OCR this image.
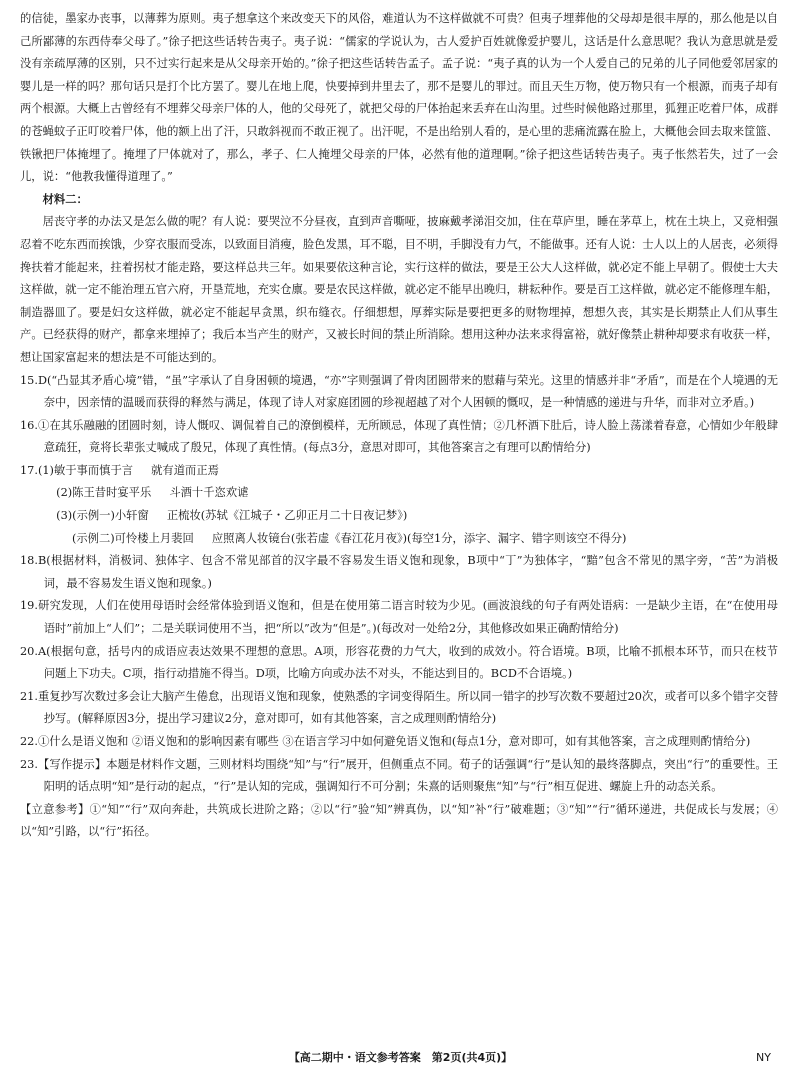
的信徒，墨家办丧事，以薄葬为原则。夷子想拿这个来改变天下的风俗，难道认为不这样做就不可贵？但夷子埋葬他的父母却是很丰厚的，那么他是以自己所鄙薄的东西侍奉父母了。”徐子把这些话转告夷子。夷子说：“儒家的学说认为，古人爱护百姓就像爱护婴儿，这话是什么意思呢？我认为意思就是爱没有亲疏厚薄的区别，只不过实行起来是从父母亲开始的。”徐子把这些话转告孟子。孟子说：“夷子真的认为一个人爱自己的兄弟的儿子同他爱邻居家的婴儿是一样的吗？那句话只是打个比方罢了。婴儿在地上爬，快要掉到井里去了，那不是婴儿的罪过。而且天生万物，使万物只有一个根源，而夷子却有两个根源。大概上古曾经有不埋葬父母亲尸体的人，他的父母死了，就把父母的尸体抬起来丢弃在山沟里。过些时候他路过那里，狐狸正吃着尸体，成群的苍蝇蚊子正叮咬着尸体，他的额上出了汗，只敢斜视而不敢正视了。出汗呢，不是出给别人看的，是心里的悲痛流露在脸上，大概他会回去取来筐篮、铁锹把尸体掩埋了。掩埋了尸体就对了，那么，孝子、仁人掩埋父母亲的尸体，必然有他的道理啊。”徐子把这些话转告夷子。夷子怅然若失，过了一会儿，说：“他教我懂得道理了。”

材料二：

居丧守孝的办法又是怎么做的呢？有人说：要哭泣不分昼夜，直到声音嘶哑，披麻戴孝涕泪交加，住在草庐里，睡在茅草上，枕在土块上，又竞相强忍着不吃东西而挨饿，少穿衣服而受冻，以致面目消瘦，脸色发黑，耳不聪，目不明，手脚没有力气，不能做事。还有人说：士人以上的人居丧，必须得搀扶着才能起来，拄着拐杖才能走路，要这样总共三年。如果要依这种言论，实行这样的做法，要是王公大人这样做，就必定不能上早朝了。假使士大夫这样做，就一定不能治理五官六府，开垦荒地，充实仓廪。要是农民这样做，就必定不能早出晚归，耕耘种作。要是百工这样做，就必定不能修理车船，制造器皿了。要是妇女这样做，就必定不能起早贪黑，织布缝衣。仔细想想，厚葬实际是要把更多的财物埋掉，想想久丧，其实是长期禁止人们从事生产。已经获得的财产，都拿来埋掉了；我后本当产生的财产，又被长时间的禁止所消除。想用这种办法来求得富裕，就好像禁止耕种却要求有收获一样，想让国家富起来的想法是不可能达到的。

15.D(“凸显其矛盾心境”错，“虽”字承认了自身困顿的境遇，“亦”字则强调了骨肉团圆带来的慰藉与荣光。这里的情感并非“矛盾”，而是在个人境遇的无奈中，因亲情的温暖而获得的释然与满足，体现了诗人对家庭团圆的珍视超越了对个人困顿的慨叹，是一种情感的递进与升华，而非对立矛盾。)

16.①在其乐融融的团圆时刻，诗人慨叹、调侃着自己的潦倒模样，无所顾忌，体现了真性情；②几杯酒下肚后，诗人脸上荡漾着春意，心情如少年般肆意疏狂，竟将长辈张丈喊成了殷兄，体现了真性情。(每点3分，意思对即可，其他答案言之有理可以酌情给分)

17.(1)敏于事而慎于言 就有道而正焉

(2)陈王昔时宴平乐 斗酒十千恣欢谑

(3)(示例一)小轩窗 正梳妆(苏轼《江城子・乙卯正月二十日夜记梦》)

(示例二)可怜楼上月裴回 应照离人妆镜台(张若虚《春江花月夜》)(每空1分，添字、漏字、错字则该空不得分)

18.B(根据材料，消极词、独体字、包含不常见部首的汉字最不容易发生语义饱和现象，B项中“丁”为独体字，“黯”包含不常见的黑字旁，“苦”为消极词，最不容易发生语义饱和现象。)

19.研究发现，人们在使用母语时会经常体验到语义饱和，但是在使用第二语言时较为少见。(画波浪线的句子有两处语病：一是缺少主语，在“在使用母语时”前加上“人们”；二是关联词使用不当，把“所以”改为“但是”。)(每改对一处给2分，其他修改如果正确酌情给分)

20.A(根据句意，括号内的成语应表达效果不理想的意思。A项，形容花费的力气大，收到的成效小。符合语境。B项，比喻不抓根本环节，而只在枝节问题上下功夫。C项，指行动措施不得当。D项，比喻方向或办法不对头，不能达到目的。BCD不合语境。)

21.重复抄写次数过多会让大脑产生倦怠，出现语义饱和现象，使熟悉的字词变得陌生。所以同一错字的抄写次数不要超过20次，或者可以多个错字交替抄写。(解释原因3分，提出学习建议2分，意对即可，如有其他答案，言之成理则酌情给分)

22.①什么是语义饱和 ②语义饱和的影响因素有哪些 ③在语言学习中如何避免语义饱和(每点1分，意对即可，如有其他答案，言之成理则酌情给分)

23.【写作提示】本题是材料作文题，三则材料均围绕“知”与“行”展开，但侧重点不同。荀子的话强调“行”是认知的最终落脚点，突出“行”的重要性。王阳明的话点明“知”是行动的起点，“行”是认知的完成，强调知行不可分割；朱熹的话则聚焦“知”与“行”相互促进、螺旋上升的动态关系。

【立意参考】①“知”“行”双向奔赴，共筑成长进阶之路；②以“行”验“知”辨真伪，以“知”补“行”破难题；③“知”“行”循环递进，共促成长与发展；④以“知”引路，以“行”拓径。

【高二期中・语文参考答案　第2页(共4页)】	NY
